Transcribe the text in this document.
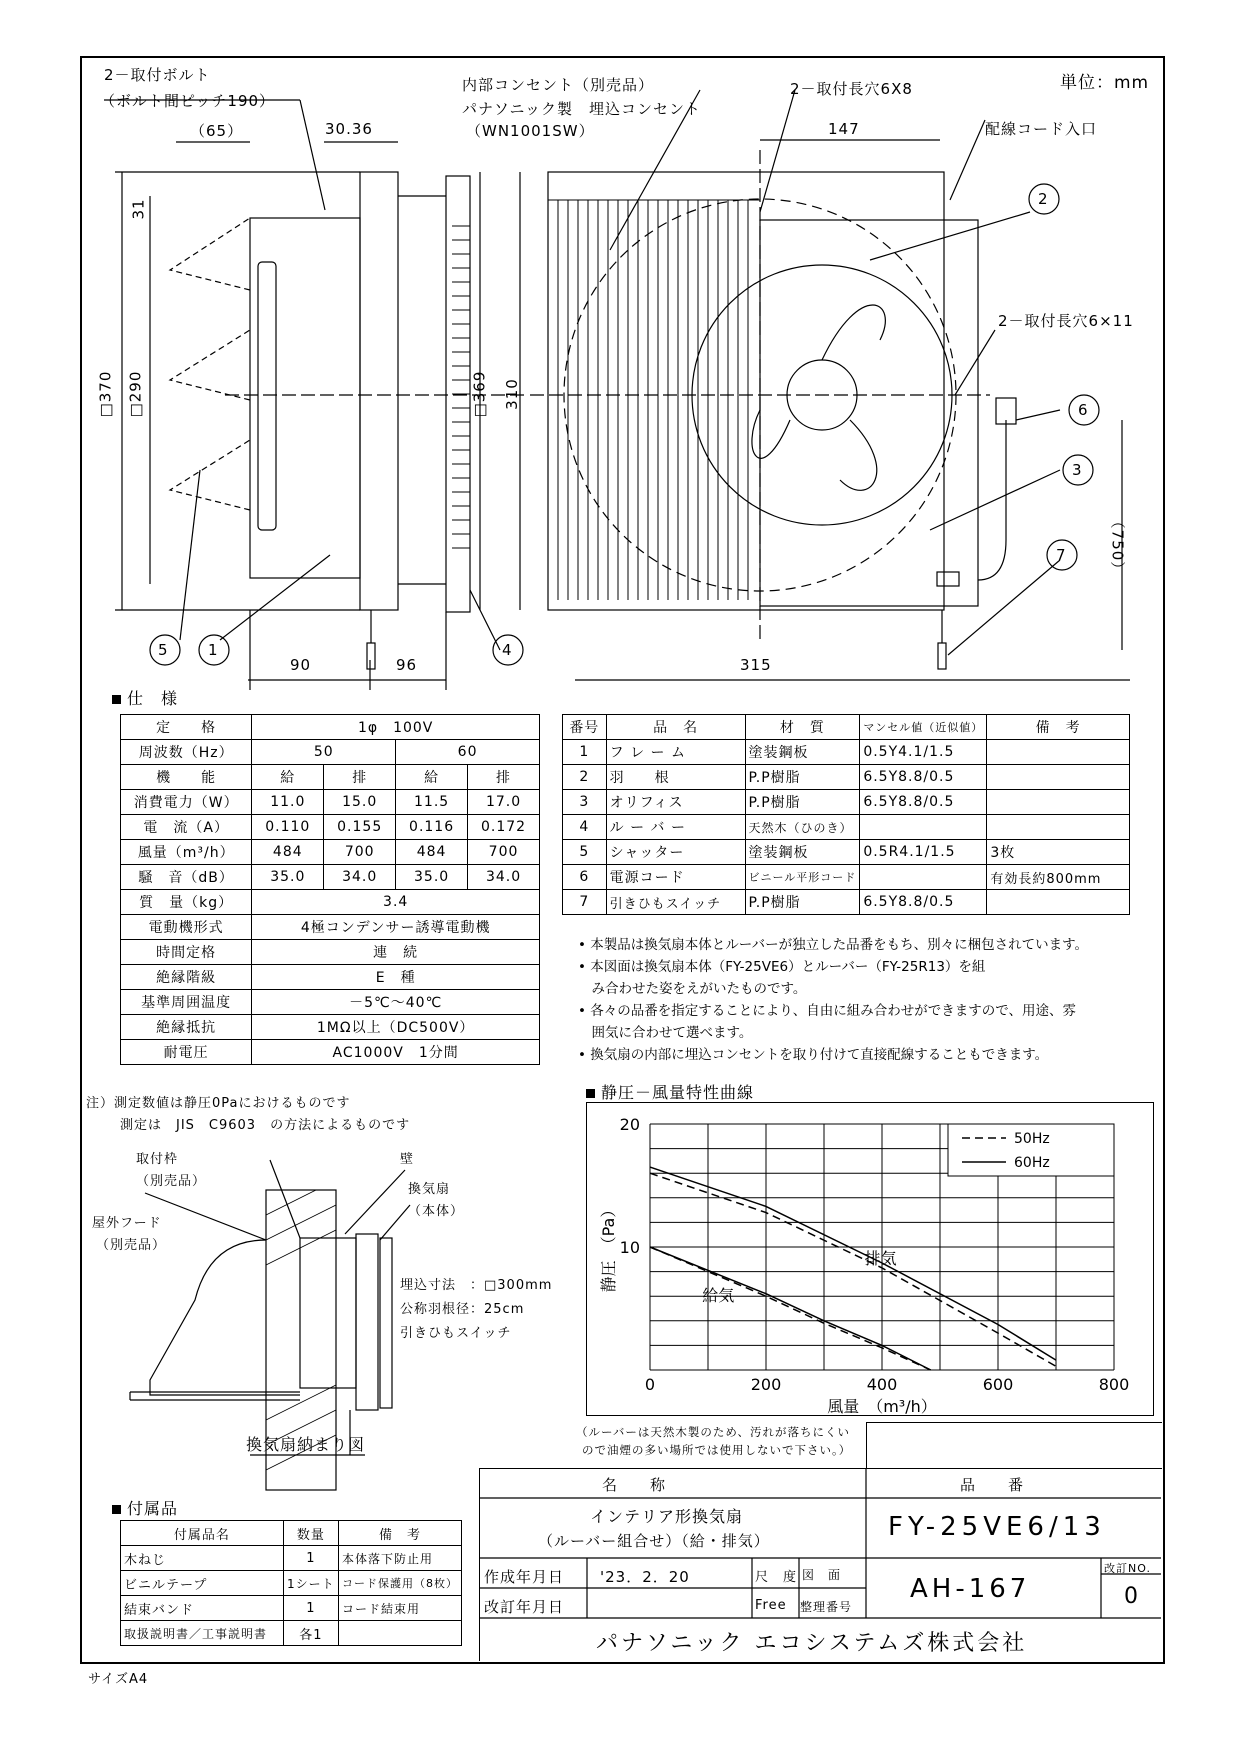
5	1	4
2
3
6
7
単位：mm
2－取付ボルト
（ボルト間ピッチ190）
内部コンセント（別売品）
パナソニック製　埋込コンセント
（WN1001SW）
2－取付長穴6X8
配線コード入口
2－取付長穴6×11
（65）	30.36	147
31
□370 □290	□369 310
（750）
90	96	315
仕　様
定　　格	1φ　100V			
周波数（Hz）	50		60	
機　　能	給	排	給	排
消費電力（W）	11.0	15.0	11.5	17.0
電　流（A）	0.110	0.155	0.116	0.172
風量（m³/h）	484	700	484	700
騒　音（dB）	35.0	34.0	35.0	34.0
質　量（kg）	3.4			
電動機形式	4極コンデンサー誘導電動機			
時間定格	連　続			
絶縁階級	E　種			
基準周囲温度	－5℃～40℃			
絶縁抵抗	1MΩ以上（DC500V）			
耐電圧	AC1000V　1分間			
注）測定数値は静圧0Paにおけるものです
測定は　JIS　C9603　の方法によるものです
番号	品　名	材　質	マンセル値（近似値）	備　考
1	フ レ ー ム	塗装鋼板	0.5Y4.1/1.5	
2	羽　　根	P.P樹脂	6.5Y8.8/0.5	
3	オリフィス	P.P樹脂	6.5Y8.8/0.5	
4	ル ー バ ー	天然木（ひのき）		
5	シャッター	塗装鋼板	0.5R4.1/1.5	3枚
6	電源コード	ビニール平形コード		有効長約800mm
7	引きひもスイッチ	P.P樹脂	6.5Y8.8/0.5	
• 本製品は換気扇本体とルーバーが独立した品番をもち、別々に梱包されています。
• 本図面は換気扇本体（FY-25VE6）とルーバー（FY-25R13）を組
　み合わせた姿をえがいたものです。
• 各々の品番を指定することにより、自由に組み合わせができますので、用途、雰
　囲気に合わせて選べます。
• 換気扇の内部に埋込コンセントを取り付けて直接配線することもできます。
静圧－風量特性曲線
0	200	400	600	800
10
20
風量　（m³/h）
静圧　（Pa）
50Hz
60Hz
排気
給気
（ルーバーは天然木製のため、汚れが落ちにくい
ので油煙の多い場所では使用しないで下さい。）
取付枠
（別売品）
壁
換気扇
（本体）
屋外フード
（別売品）
埋込寸法　：□300mm
公称羽根径：25cm
引きひもスイッチ
換気扇納まり図
付属品
付属品名	数量	備　考
木ねじ	1	本体落下防止用
ビニルテープ	1シート	コード保護用（8枚）
結束バンド	1	コード結束用
取扱説明書／工事説明書	各1	
名　　称
インテリア形換気扇
（ルーバー組合せ）（給・排気）
品　　番
FY-25VE6/13
作成年月日 '23．2．20
改訂年月日
尺　度
Free
図　面
整理番号
AH-167
改訂NO.
0
パナソニック エコシステムズ株式会社
サイズA4
